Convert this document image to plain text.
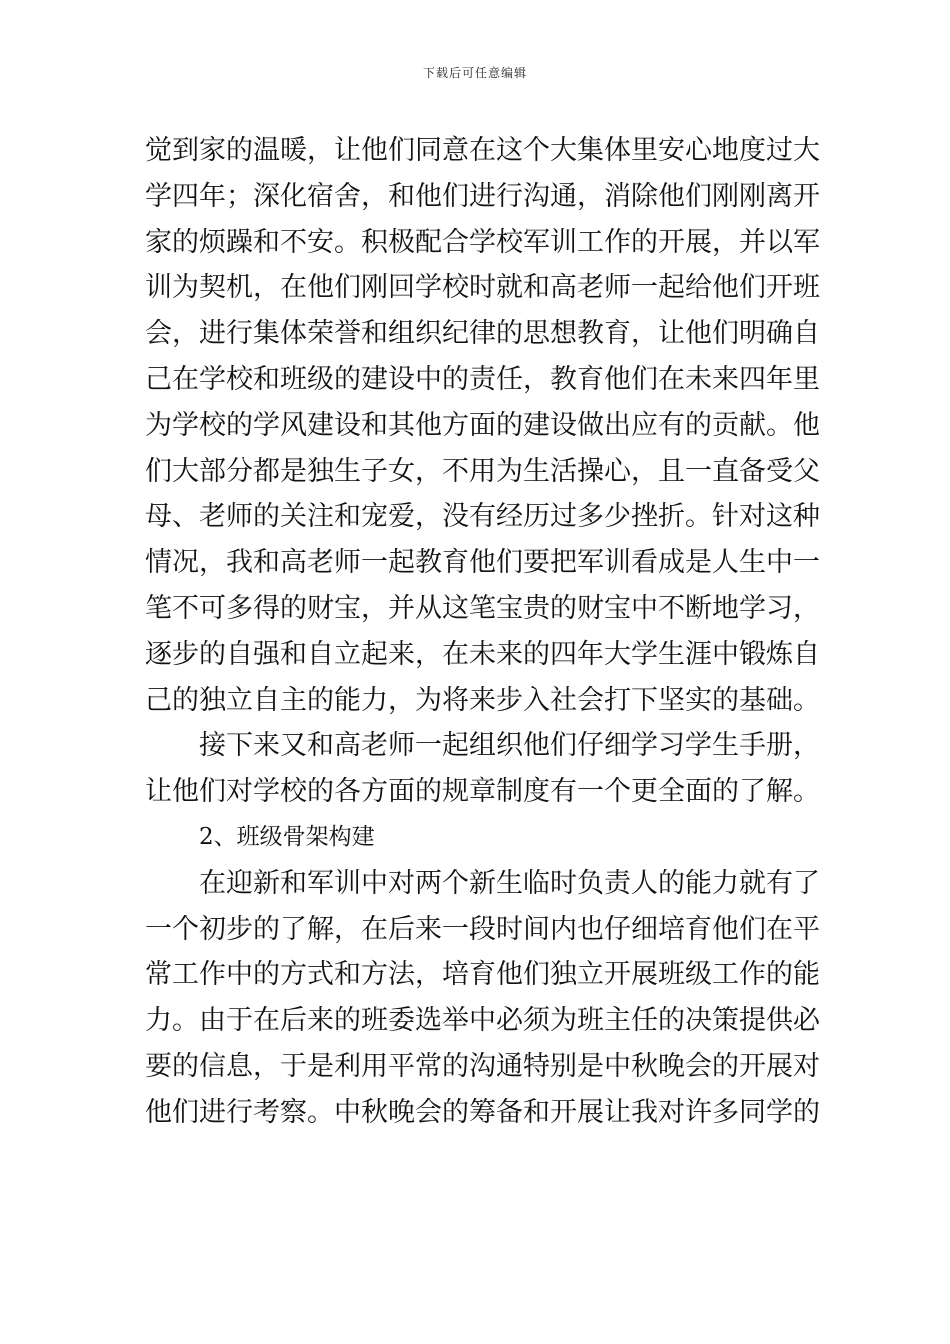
下载后可任意编辑
觉到家的温暖，让他们同意在这个大集体里安心地度过大
学四年；深化宿舍，和他们进行沟通，消除他们刚刚离开
家的烦躁和不安。积极配合学校军训工作的开展，并以军
训为契机，在他们刚回学校时就和高老师一起给他们开班
会，进行集体荣誉和组织纪律的思想教育，让他们明确自
己在学校和班级的建设中的责任，教育他们在未来四年里
为学校的学风建设和其他方面的建设做出应有的贡献。他
们大部分都是独生子女，不用为生活操心，且一直备受父
母、老师的关注和宠爱，没有经历过多少挫折。针对这种
情况，我和高老师一起教育他们要把军训看成是人生中一
笔不可多得的财宝，并从这笔宝贵的财宝中不断地学习，
逐步的自强和自立起来，在未来的四年大学生涯中锻炼自
己的独立自主的能力，为将来步入社会打下坚实的基础。
接下来又和高老师一起组织他们仔细学习学生手册，
让他们对学校的各方面的规章制度有一个更全面的了解。
2、班级骨架构建
在迎新和军训中对两个新生临时负责人的能力就有了
一个初步的了解，在后来一段时间内也仔细培育他们在平
常工作中的方式和方法，培育他们独立开展班级工作的能
力。由于在后来的班委选举中必须为班主任的决策提供必
要的信息，于是利用平常的沟通特别是中秋晚会的开展对
他们进行考察。中秋晚会的筹备和开展让我对许多同学的
